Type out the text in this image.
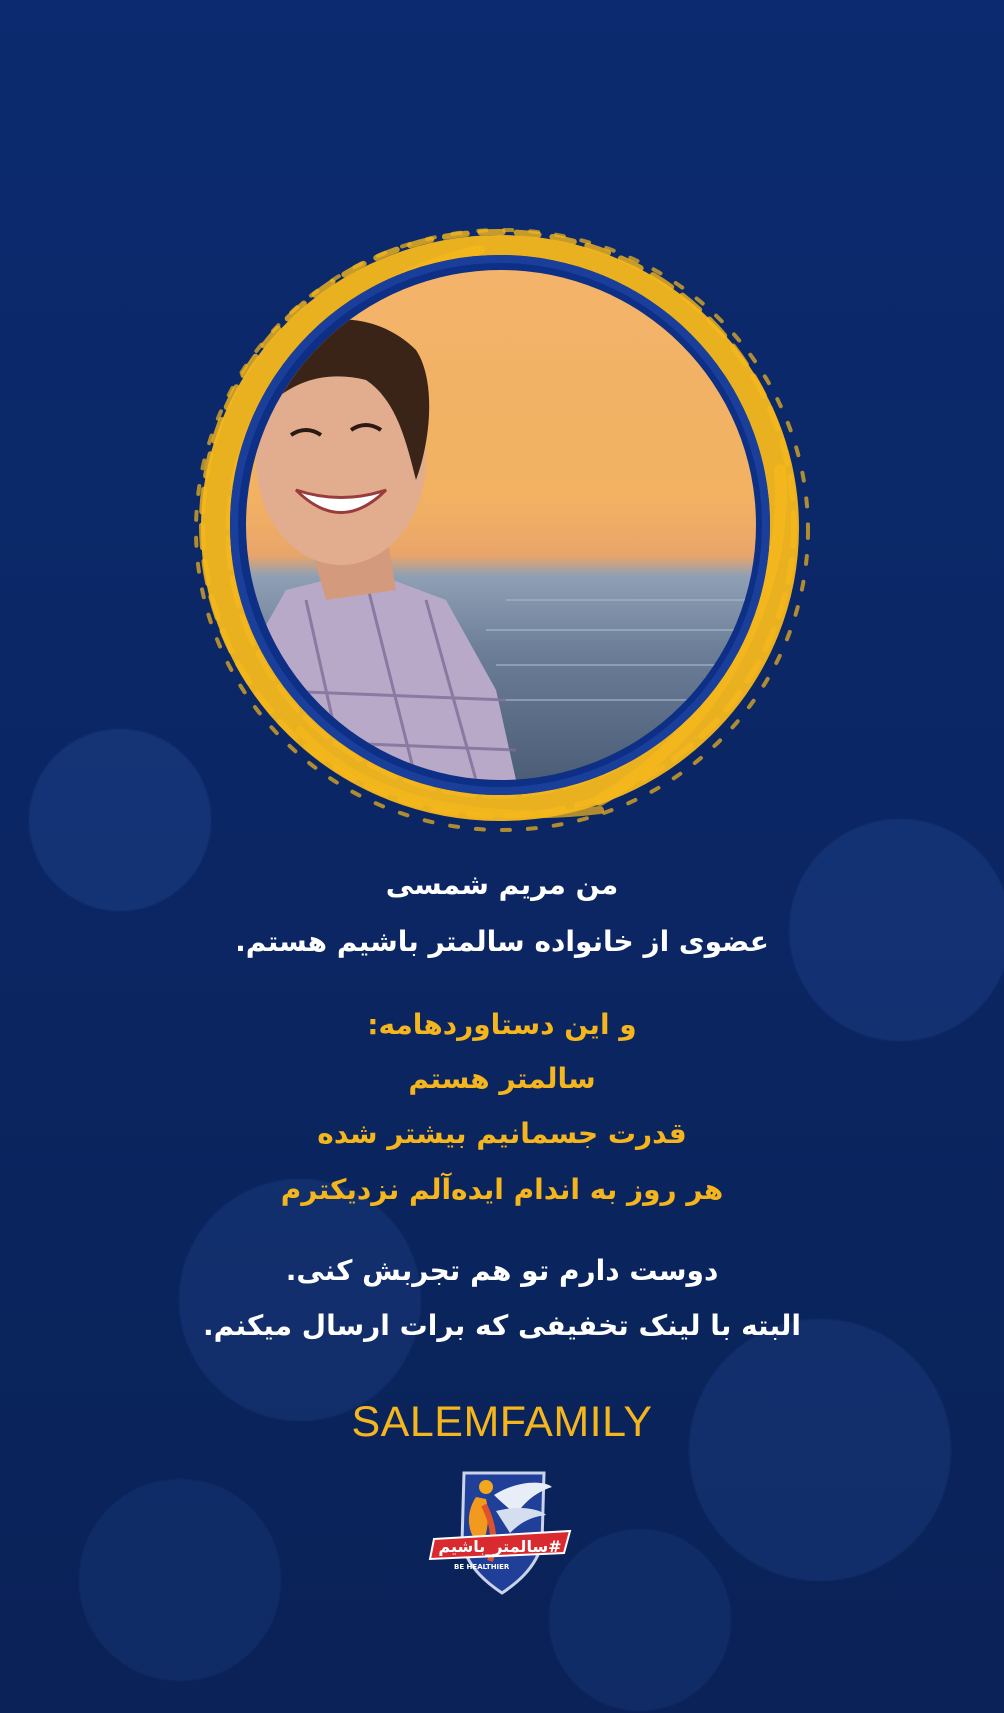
من مریم شمسی
عضوی از خانواده سالمتر باشیم هستم.
و این دستاوردهامه:
سالمتر هستم
قدرت جسمانیم بیشتر شده
هر روز به اندام ایده‌آلم نزدیکترم
دوست دارم تو هم تجربش کنی.
البته با لینک تخفیفی که برات ارسال میکنم.
SALEMFAMILY
#سالمتر_باشیم
BE HEALTHIER
